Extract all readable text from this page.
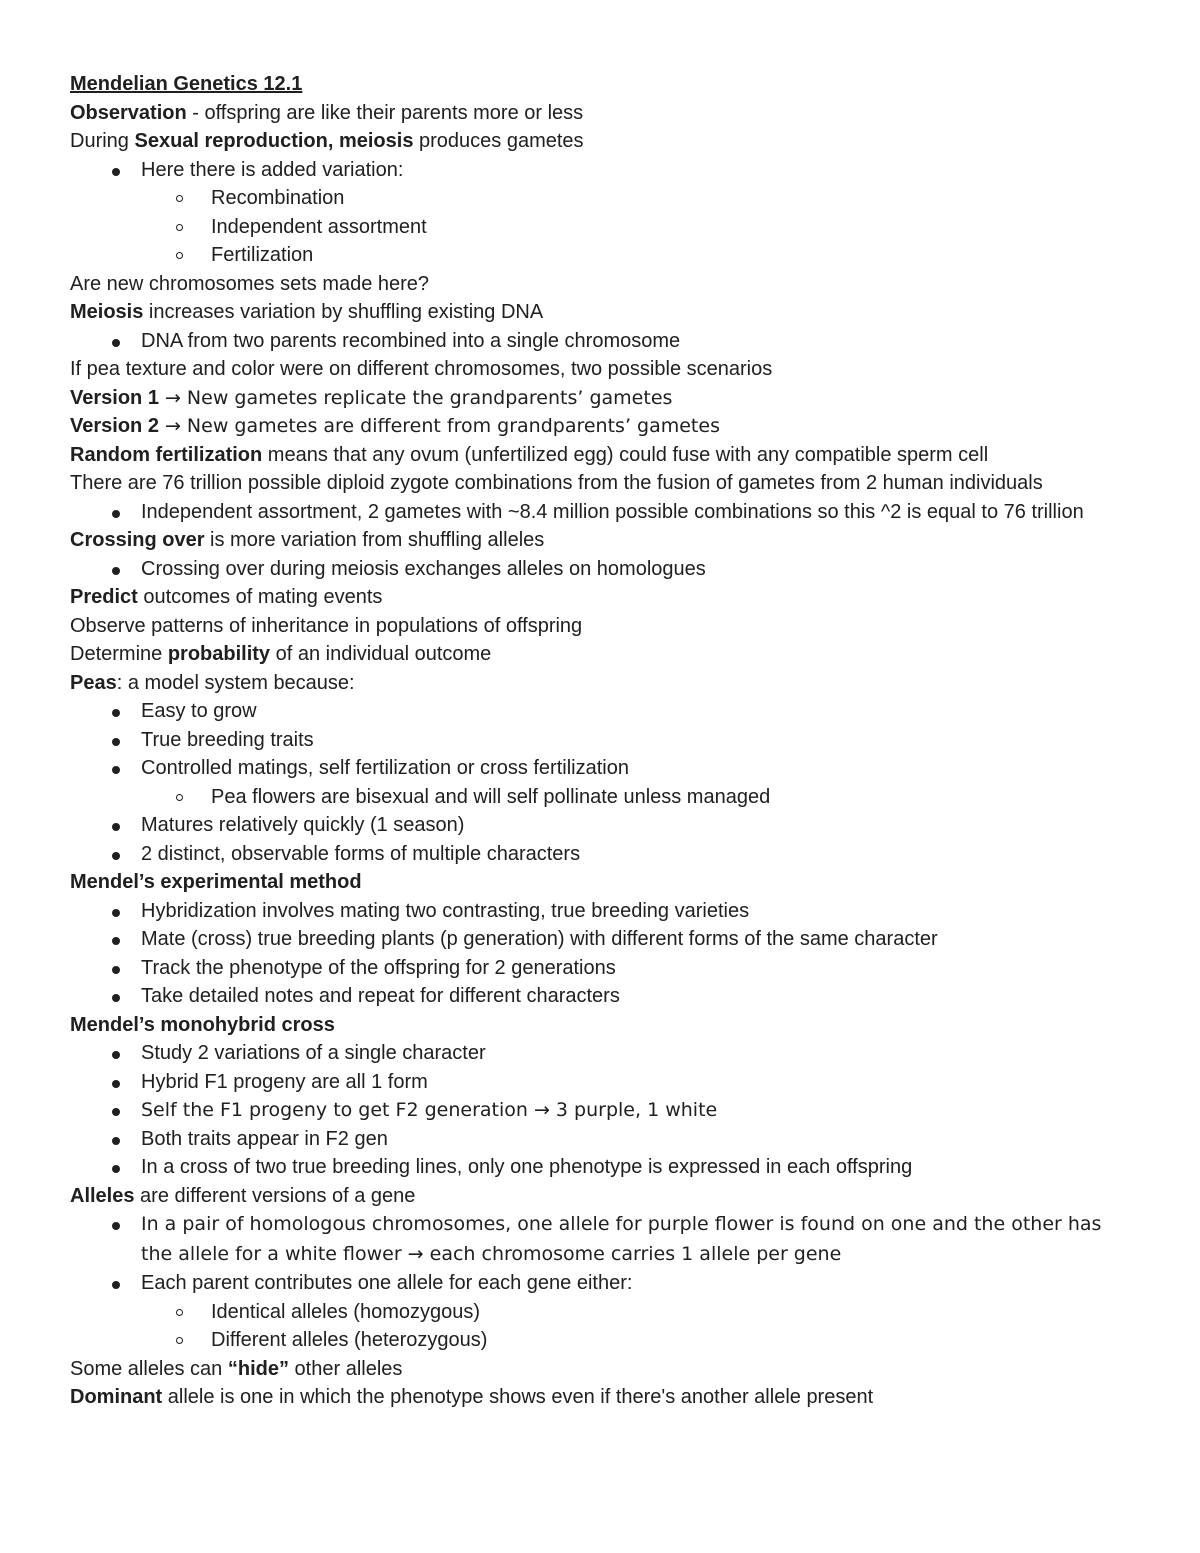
Mendelian Genetics 12.1
Observation - offspring are like their parents more or less
During Sexual reproduction, meiosis produces gametes
Here there is added variation:
Recombination
Independent assortment
Fertilization
Are new chromosomes sets made here?
Meiosis increases variation by shuffling existing DNA
DNA from two parents recombined into a single chromosome
If pea texture and color were on different chromosomes, two possible scenarios
Version 1 → New gametes replicate the grandparents’ gametes
Version 2 → New gametes are different from grandparents’ gametes
Random fertilization means that any ovum (unfertilized egg) could fuse with any compatible sperm cell
There are 76 trillion possible diploid zygote combinations from the fusion of gametes from 2 human individuals
Independent assortment, 2 gametes with ~8.4 million possible combinations so this ^2 is equal to 76 trillion
Crossing over is more variation from shuffling alleles
Crossing over during meiosis exchanges alleles on homologues
Predict outcomes of mating events
Observe patterns of inheritance in populations of offspring
Determine probability of an individual outcome
Peas: a model system because:
Easy to grow
True breeding traits
Controlled matings, self fertilization or cross fertilization
Pea flowers are bisexual and will self pollinate unless managed
Matures relatively quickly (1 season)
2 distinct, observable forms of multiple characters
Mendel’s experimental method
Hybridization involves mating two contrasting, true breeding varieties
Mate (cross) true breeding plants (p generation) with different forms of the same character
Track the phenotype of the offspring for 2 generations
Take detailed notes and repeat for different characters
Mendel’s monohybrid cross
Study 2 variations of a single character
Hybrid F1 progeny are all 1 form
Self the F1 progeny to get F2 generation → 3 purple, 1 white
Both traits appear in F2 gen
In a cross of two true breeding lines, only one phenotype is expressed in each offspring
Alleles are different versions of a gene
In a pair of homologous chromosomes, one allele for purple flower is found on one and the other has the allele for a white flower → each chromosome carries 1 allele per gene
Each parent contributes one allele for each gene either:
Identical alleles (homozygous)
Different alleles (heterozygous)
Some alleles can “hide” other alleles
Dominant allele is one in which the phenotype shows even if there's another allele present
